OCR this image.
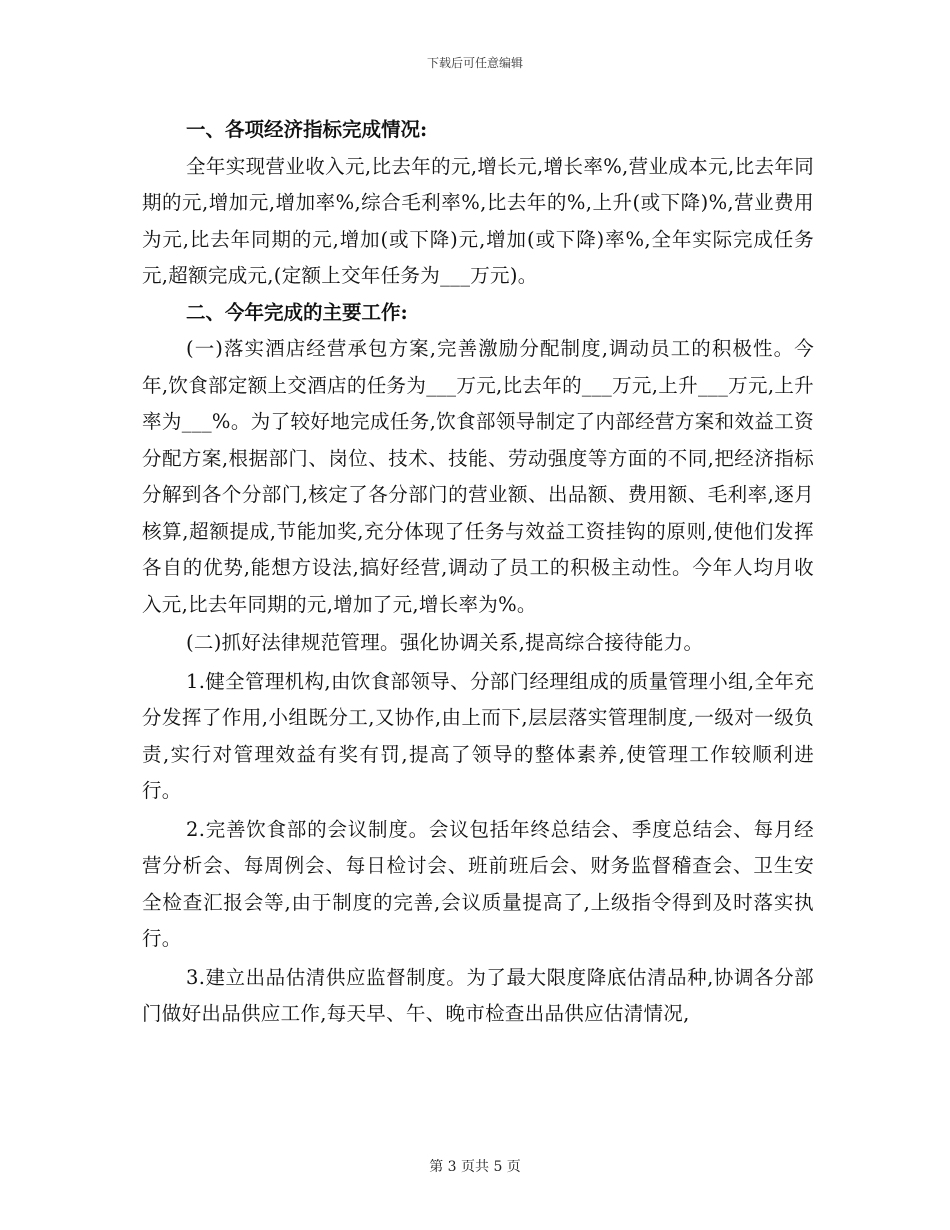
下载后可任意编辑
一、各项经济指标完成情况:

全年实现营业收入元,比去年的元,增长元,增长率%,营业成本元,比去年同期的元,增加元,增加率%,综合毛利率%,比去年的%,上升(或下降)%,营业费用为元,比去年同期的元,增加(或下降)元,增加(或下降)率%,全年实际完成任务元,超额完成元,(定额上交年任务为___万元)。

二、今年完成的主要工作:

(一)落实酒店经营承包方案,完善激励分配制度,调动员工的积极性。今年,饮食部定额上交酒店的任务为___万元,比去年的___万元,上升___万元,上升率为___%。为了较好地完成任务,饮食部领导制定了内部经营方案和效益工资分配方案,根据部门、岗位、技术、技能、劳动强度等方面的不同,把经济指标分解到各个分部门,核定了各分部门的营业额、出品额、费用额、毛利率,逐月核算,超额提成,节能加奖,充分体现了任务与效益工资挂钩的原则,使他们发挥各自的优势,能想方设法,搞好经营,调动了员工的积极主动性。今年人均月收入元,比去年同期的元,增加了元,增长率为%。

(二)抓好法律规范管理。强化协调关系,提高综合接待能力。

1.健全管理机构,由饮食部领导、分部门经理组成的质量管理小组,全年充分发挥了作用,小组既分工,又协作,由上而下,层层落实管理制度,一级对一级负责,实行对管理效益有奖有罚,提高了领导的整体素养,使管理工作较顺利进行。

2.完善饮食部的会议制度。会议包括年终总结会、季度总结会、每月经营分析会、每周例会、每日检讨会、班前班后会、财务监督稽查会、卫生安全检查汇报会等,由于制度的完善,会议质量提高了,上级指令得到及时落实执行。

3.建立出品估清供应监督制度。为了最大限度降底估清品种,协调各分部门做好出品供应工作,每天早、午、晚市检查出品供应估清情况,

第 3 页共 5 页
